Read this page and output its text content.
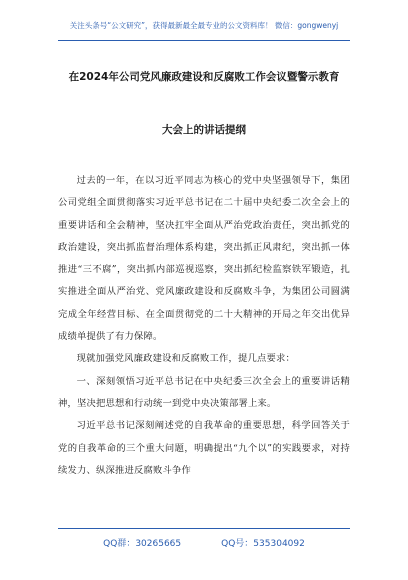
关注头条号“公文研究”，获得最新最全最专业的公文资料库！ 微信：gongwenyj
在2024年公司党风廉政建设和反腐败工作会议暨警示教育
大会上的讲话提纲

过去的一年，在以习近平同志为核心的党中央坚强领导下，集团公司党组全面贯彻落实习近平总书记在二十届中央纪委二次全会上的重要讲话和全会精神，坚决扛牢全面从严治党政治责任，突出抓党的政治建设，突出抓监督治理体系构建，突出抓正风肃纪，突出抓一体推进“三不腐”，突出抓内部巡视巡察，突出抓纪检监察铁军锻造，扎实推进全面从严治党、党风廉政建设和反腐败斗争，为集团公司圆满完成全年经营目标、在全面贯彻党的二十大精神的开局之年交出优异成绩单提供了有力保障。

现就加强党风廉政建设和反腐败工作，提几点要求：

一、深刻领悟习近平总书记在中央纪委三次全会上的重要讲话精神，坚决把思想和行动统一到党中央决策部署上来。

习近平总书记深刻阐述党的自我革命的重要思想，科学回答关于党的自我革命的三个重大问题，明确提出“九个以”的实践要求，对持续发力、纵深推进反腐败斗争作

QQ群：30265665	QQ号：535304092
